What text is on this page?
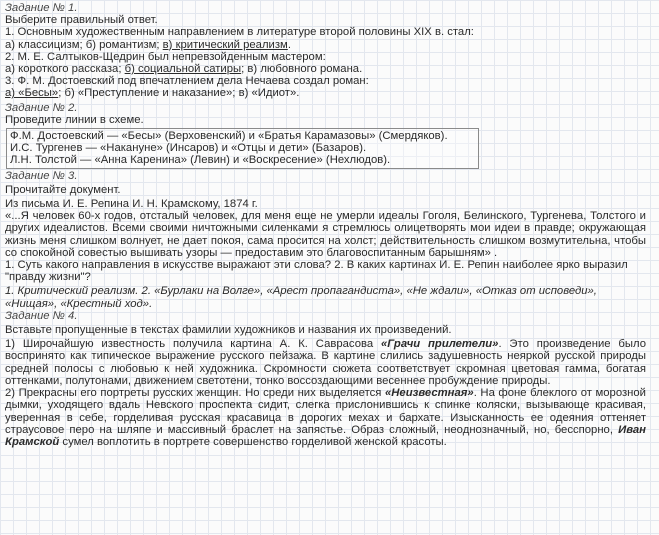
Задание № 1.

Выберите правильный ответ.

1. Основным художественным направлением в литературе второй половины XIX в. стал:

а) классицизм; б) романтизм; в) критический реализм.

2. М. Е. Салтыков-Щедрин был непревзойденным мастером:

а) короткого рассказа; б) социальной сатиры; в) любовного романа.

3. Ф. М. Достоевский под впечатлением дела Нечаева создал роман:

а) «Бесы»; б) «Преступление и наказание»; в) «Идиот».

Задание № 2.

Проведите линии в схеме.

Ф.М. Достоевский — «Бесы» (Верховенский) и «Братья Карамазовы» (Смердяков).

И.С. Тургенев — «Накануне» (Инсаров) и «Отцы и дети» (Базаров).

Л.Н. Толстой — «Анна Каренина» (Левин) и «Воскресение» (Нехлюдов).

Задание № 3.

Прочитайте документ.

Из письма И. Е. Репина И. Н. Крамскому, 1874 г.

«...Я человек 60-х годов, отсталый человек, для меня еще не умерли идеалы Гоголя, Белинского, Тургенева, Толстого и других идеалистов. Всеми своими ничтожными силенками я стремлюсь олицетворять мои идеи в правде; окружающая жизнь меня слишком волнует, не дает покоя, сама просится на холст; действительность слишком возмутительна, чтобы со спокойной совестью вышивать узоры — предоставим это благовоспитанным барышням» .

1. Суть какого направления в искусстве выражают эти слова? 2. В каких картинах И. Е. Репин наиболее ярко выразил "правду жизни"?

1. Критический реализм. 2. «Бурлаки на Волге», «Арест пропагандиста», «Не ждали», «Отказ от исповеди», «Нищая», «Крестный ход».

Задание № 4.

Вставьте пропущенные в текстах фамилии художников и названия их произведений.

1) Широчайшую известность получила картина А. К. Саврасова «Грачи прилетели». Это произведение было воспринято как типическое выражение русского пейзажа. В картине слились задушевность неяркой русской природы средней полосы с любовью к ней художника. Скромности сюжета соответствует скромная цветовая гамма, богатая оттенками, полутонами, движением светотени, тонко воссоздающими весеннее пробуждение природы.

2) Прекрасны его портреты русских женщин. Но среди них выделяется «Неизвестная». На фоне блеклого от морозной дымки, уходящего вдаль Невского проспекта сидит, слегка прислонившись к спинке коляски, вызывающе красивая, уверенная в себе, горделивая русская красавица в дорогих мехах и бархате. Изысканность ее одеяния оттеняет страусовое перо на шляпе и массивный браслет на запястье. Образ сложный, неоднозначный, но, бесспорно, Иван Крамской сумел воплотить в портрете совершенство горделивой женской красоты.
